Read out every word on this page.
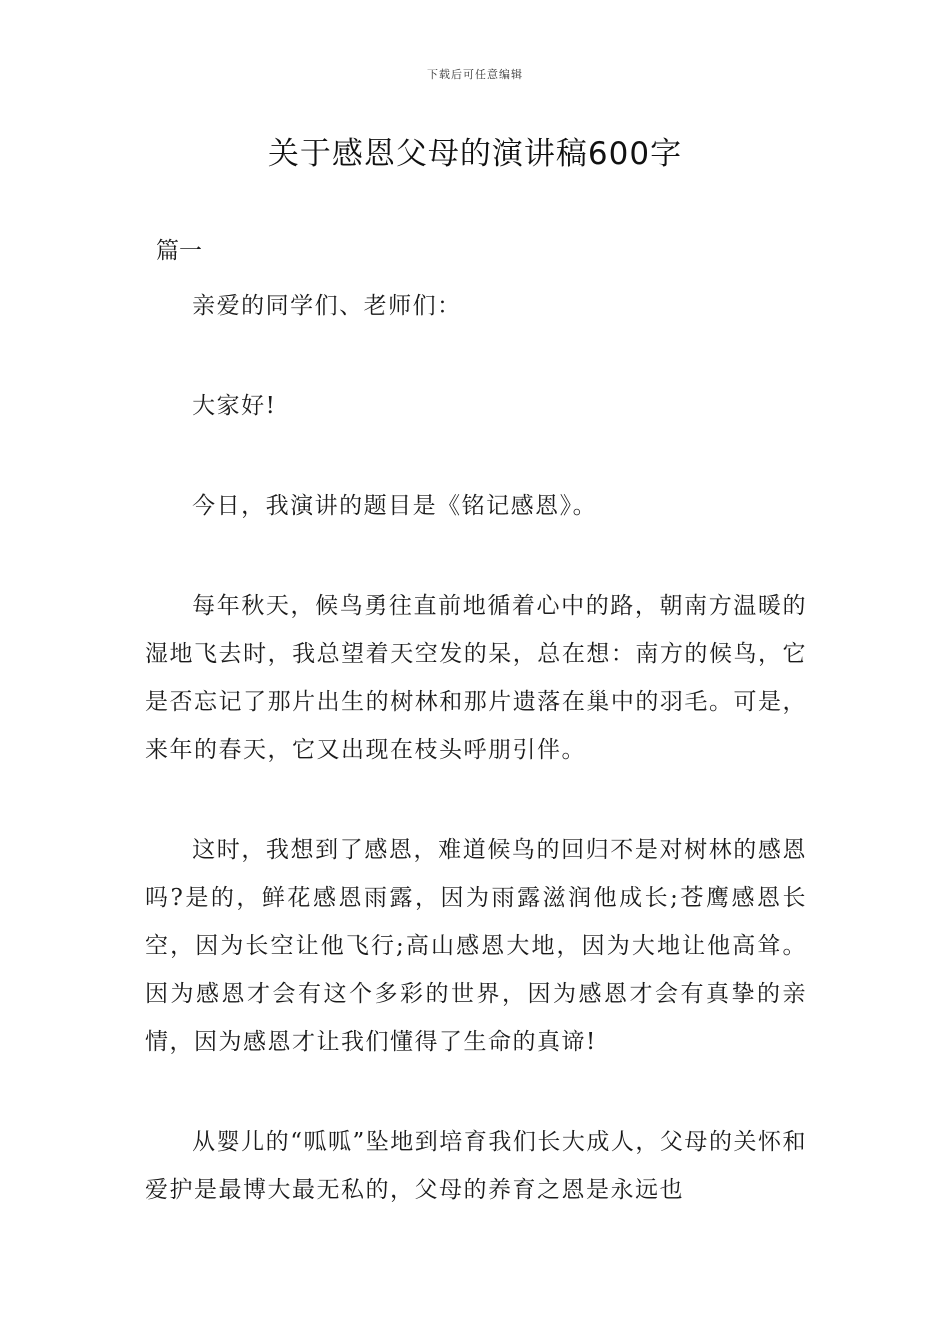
下载后可任意编辑
关于感恩父母的演讲稿600字
篇一

亲爱的同学们、老师们：

大家好!

今日，我演讲的题目是《铭记感恩》。

每年秋天，候鸟勇往直前地循着心中的路，朝南方温暖的湿地飞去时，我总望着天空发的呆，总在想：南方的候鸟，它是否忘记了那片出生的树林和那片遗落在巢中的羽毛。可是，来年的春天，它又出现在枝头呼朋引伴。

这时，我想到了感恩，难道候鸟的回归不是对树林的感恩吗?是的，鲜花感恩雨露，因为雨露滋润他成长;苍鹰感恩长空，因为长空让他飞行;高山感恩大地，因为大地让他高耸。因为感恩才会有这个多彩的世界，因为感恩才会有真挚的亲情，因为感恩才让我们懂得了生命的真谛!

从婴儿的“呱呱”坠地到培育我们长大成人，父母的关怀和爱护是最博大最无私的，父母的养育之恩是永远也
